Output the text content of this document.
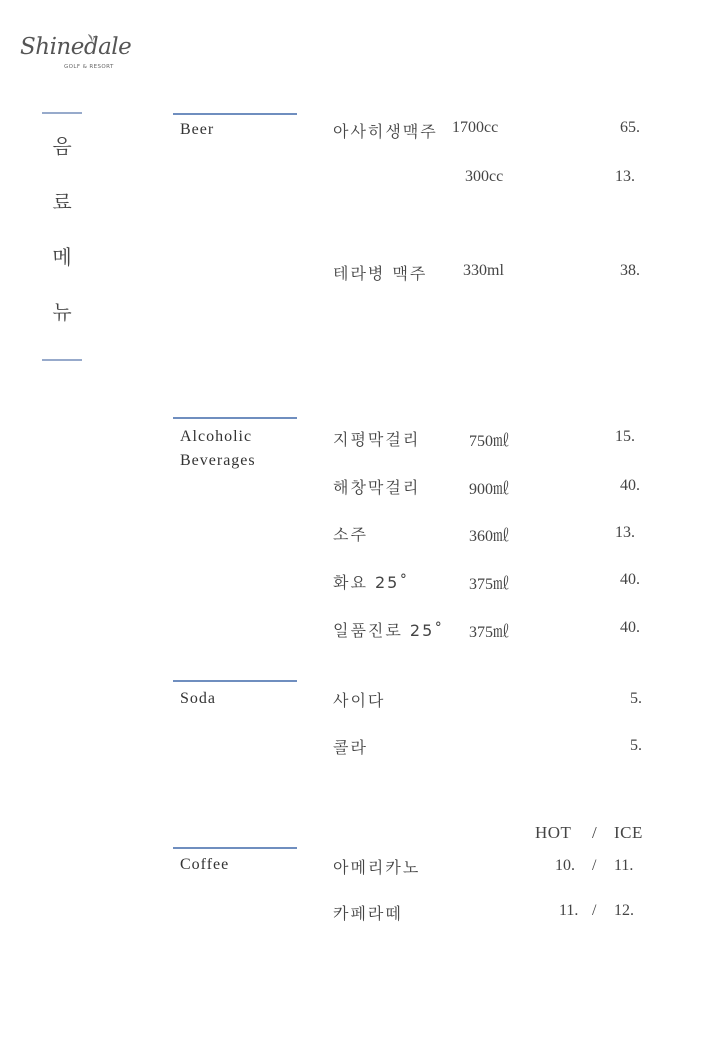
Shinedale
GOLF & RESORT
음
료
메
뉴
Beer	아사히생맥주 1700cc	65.
300cc	13.
테라병 맥주 330ml	38.
Alcoholic Beverages
지평막걸리	750㎖	15.
해창막걸리	900㎖	40.
소주	360㎖	13.
화요 25˚	375㎖	40.
일품진로 25˚ 375㎖	40.
Soda	사이다	5.
콜라	5.
HOT / ICE
Coffee	아메리카노	10. / 11.
카페라떼	11. / 12.
